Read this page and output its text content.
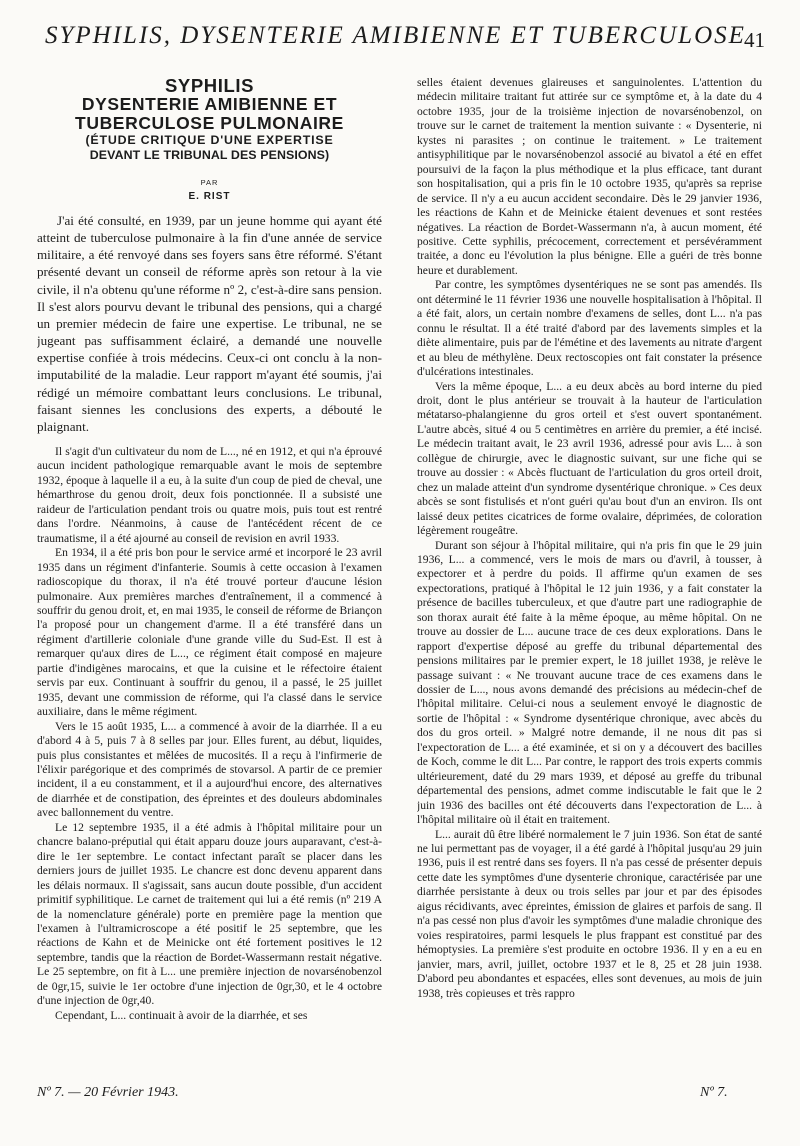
SYPHILIS, DYSENTERIE AMIBIENNE ET TUBERCULOSE
41
SYPHILIS
DYSENTERIE AMIBIENNE ET
TUBERCULOSE PULMONAIRE
(ÉTUDE CRITIQUE D'UNE EXPERTISE
DEVANT LE TRIBUNAL DES PENSIONS)
PAR
E. RIST

J'ai été consulté, en 1939, par un jeune homme qui ayant été atteint de tuberculose pulmonaire à la fin d'une année de service militaire, a été renvoyé dans ses foyers sans être réformé. S'étant présenté devant un conseil de réforme après son retour à la vie civile, il n'a obtenu qu'une réforme nº 2, c'est-à-dire sans pension. Il s'est alors pourvu devant le tribunal des pensions, qui a chargé un premier médecin de faire une expertise. Le tribunal, ne se jugeant pas suffisamment éclairé, a demandé une nouvelle expertise confiée à trois médecins. Ceux-ci ont conclu à la non-imputabilité de la maladie. Leur rapport m'ayant été soumis, j'ai rédigé un mémoire combattant leurs conclusions. Le tribunal, faisant siennes les conclusions des experts, a débouté le plaignant.

Il s'agit d'un cultivateur du nom de L..., né en 1912, et qui n'a éprouvé aucun incident pathologique remarquable avant le mois de septembre 1932, époque à laquelle il a eu, à la suite d'un coup de pied de cheval, une hémarthrose du genou droit, deux fois ponctionnée. Il a subsisté une raideur de l'articulation pendant trois ou quatre mois, puis tout est rentré dans l'ordre. Néanmoins, à cause de l'antécédent récent de ce traumatisme, il a été ajourné au conseil de revision en avril 1933.

En 1934, il a été pris bon pour le service armé et incorporé le 23 avril 1935 dans un régiment d'infanterie. Soumis à cette occasion à l'examen radioscopique du thorax, il n'a été trouvé porteur d'aucune lésion pulmonaire. Aux premières marches d'entraînement, il a commencé à souffrir du genou droit, et, en mai 1935, le conseil de réforme de Briançon l'a proposé pour un changement d'arme. Il a été transféré dans un régiment d'artillerie coloniale d'une grande ville du Sud-Est. Il est à remarquer qu'aux dires de L..., ce régiment était composé en majeure partie d'indigènes marocains, et que la cuisine et le réfectoire étaient servis par eux. Continuant à souffrir du genou, il a passé, le 25 juillet 1935, devant une commission de réforme, qui l'a classé dans le service auxiliaire, dans le même régiment.

Vers le 15 août 1935, L... a commencé à avoir de la diarrhée. Il a eu d'abord 4 à 5, puis 7 à 8 selles par jour. Elles furent, au début, liquides, puis plus consistantes et mêlées de mucosités. Il a reçu à l'infirmerie de l'élixir parégorique et des comprimés de stovarsol. A partir de ce premier incident, il a eu constamment, et il a aujourd'hui encore, des alternatives de diarrhée et de constipation, des épreintes et des douleurs abdominales avec ballonnement du ventre.

Le 12 septembre 1935, il a été admis à l'hôpital militaire pour un chancre balano-préputial qui était apparu douze jours auparavant, c'est-à-dire le 1er septembre. Le contact infectant paraît se placer dans les derniers jours de juillet 1935. Le chancre est donc devenu apparent dans les délais normaux. Il s'agissait, sans aucun doute possible, d'un accident primitif syphilitique. Le carnet de traitement qui lui a été remis (nº 219 A de la nomenclature générale) porte en première page la mention que l'examen à l'ultramicroscope a été positif le 25 septembre, que les réactions de Kahn et de Meinicke ont été fortement positives le 12 septembre, tandis que la réaction de Bordet-Wassermann restait négative. Le 25 septembre, on fit à L... une première injection de novarsénobenzol de 0gr,15, suivie le 1er octobre d'une injection de 0gr,30, et le 4 octobre d'une injection de 0gr,40.

Cependant, L... continuait à avoir de la diarrhée, et ses

selles étaient devenues glaireuses et sanguinolentes. L'attention du médecin militaire traitant fut attirée sur ce symptôme et, à la date du 4 octobre 1935, jour de la troisième injection de novarsénobenzol, on trouve sur le carnet de traitement la mention suivante : « Dysenterie, ni kystes ni parasites ; on continue le traitement. » Le traitement antisyphilitique par le novarsénobenzol associé au bivatol a été en effet poursuivi de la façon la plus méthodique et la plus efficace, tant durant son hospitalisation, qui a pris fin le 10 octobre 1935, qu'après sa reprise de service. Il n'y a eu aucun accident secondaire. Dès le 29 janvier 1936, les réactions de Kahn et de Meinicke étaient devenues et sont restées négatives. La réaction de Bordet-Wassermann n'a, à aucun moment, été positive. Cette syphilis, précocement, correctement et persévéramment traitée, a donc eu l'évolution la plus bénigne. Elle a guéri de très bonne heure et durablement.

Par contre, les symptômes dysentériques ne se sont pas amendés. Ils ont déterminé le 11 février 1936 une nouvelle hospitalisation à l'hôpital. Il a été fait, alors, un certain nombre d'examens de selles, dont L... n'a pas connu le résultat. Il a été traité d'abord par des lavements simples et la diète alimentaire, puis par de l'émétine et des lavements au nitrate d'argent et au bleu de méthylène. Deux rectoscopies ont fait constater la présence d'ulcérations intestinales.

Vers la même époque, L... a eu deux abcès au bord interne du pied droit, dont le plus antérieur se trouvait à la hauteur de l'articulation métatarso-phalangienne du gros orteil et s'est ouvert spontanément. L'autre abcès, situé 4 ou 5 centimètres en arrière du premier, a été incisé. Le médecin traitant avait, le 23 avril 1936, adressé pour avis L... à son collègue de chirurgie, avec le diagnostic suivant, sur une fiche qui se trouve au dossier : « Abcès fluctuant de l'articulation du gros orteil droit, chez un malade atteint d'un syndrome dysentérique chronique. » Ces deux abcès se sont fistulisés et n'ont guéri qu'au bout d'un an environ. Ils ont laissé deux petites cicatrices de forme ovalaire, déprimées, de coloration légèrement rougeâtre.

Durant son séjour à l'hôpital militaire, qui n'a pris fin que le 29 juin 1936, L... a commencé, vers le mois de mars ou d'avril, à tousser, à expectorer et à perdre du poids. Il affirme qu'un examen de ses expectorations, pratiqué à l'hôpital le 12 juin 1936, y a fait constater la présence de bacilles tuberculeux, et que d'autre part une radiographie de son thorax aurait été faite à la même époque, au même hôpital. On ne trouve au dossier de L... aucune trace de ces deux explorations. Dans le rapport d'expertise déposé au greffe du tribunal départemental des pensions militaires par le premier expert, le 18 juillet 1938, je relève le passage suivant : « Ne trouvant aucune trace de ces examens dans le dossier de L..., nous avons demandé des précisions au médecin-chef de l'hôpital militaire. Celui-ci nous a seulement envoyé le diagnostic de sortie de l'hôpital : « Syndrome dysentérique chronique, avec abcès du dos du gros orteil. » Malgré notre demande, il ne nous dit pas si l'expectoration de L... a été examinée, et si on y a découvert des bacilles de Koch, comme le dit L... Par contre, le rapport des trois experts commis ultérieurement, daté du 29 mars 1939, et déposé au greffe du tribunal départemental des pensions, admet comme indiscutable le fait que le 2 juin 1936 des bacilles ont été découverts dans l'expectoration de L... à l'hôpital militaire où il était en traitement.

L... aurait dû être libéré normalement le 7 juin 1936. Son état de santé ne lui permettant pas de voyager, il a été gardé à l'hôpital jusqu'au 29 juin 1936, puis il est rentré dans ses foyers. Il n'a pas cessé de présenter depuis cette date les symptômes d'une dysenterie chronique, caractérisée par une diarrhée persistante à deux ou trois selles par jour et par des épisodes aigus récidivants, avec épreintes, émission de glaires et parfois de sang. Il n'a pas cessé non plus d'avoir les symptômes d'une maladie chronique des voies respiratoires, parmi lesquels le plus frappant est constitué par des hémoptysies. La première s'est produite en octobre 1936. Il y en a eu en janvier, mars, avril, juillet, octobre 1937 et le 8, 25 et 28 juin 1938. D'abord peu abondantes et espacées, elles sont devenues, au mois de juin 1938, très copieuses et très rappro

Nº 7. — 20 Février 1943.	Nº 7.
